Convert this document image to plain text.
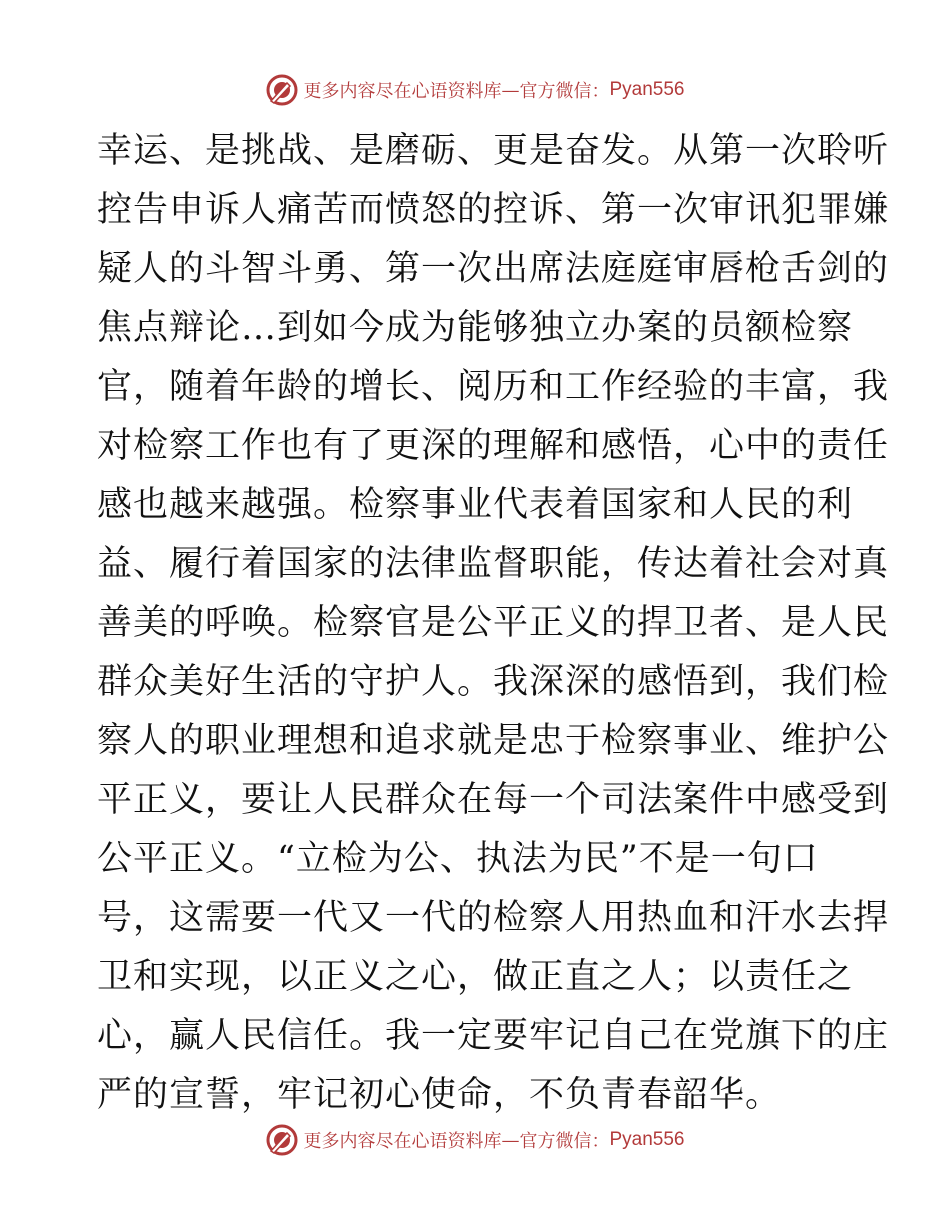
更多内容尽在心语资料库 — 官方微信： Pyan556
幸运、是挑战、是磨砺、更是奋发。从第一次聆听
控告申诉人痛苦而愤怒的控诉、第一次审讯犯罪嫌
疑人的斗智斗勇、第一次出席法庭庭审唇枪舌剑的
焦点辩论…到如今成为能够独立办案的员额检察
官，随着年龄的增长、阅历和工作经验的丰富，我
对检察工作也有了更深的理解和感悟，心中的责任
感也越来越强。检察事业代表着国家和人民的利
益、履行着国家的法律监督职能，传达着社会对真
善美的呼唤。检察官是公平正义的捍卫者、是人民
群众美好生活的守护人。我深深的感悟到，我们检
察人的职业理想和追求就是忠于检察事业、维护公
平正义，要让人民群众在每一个司法案件中感受到
公平正义。“立检为公、执法为民”不是一句口
号，这需要一代又一代的检察人用热血和汗水去捍
卫和实现，以正义之心，做正直之人；以责任之
心，赢人民信任。我一定要牢记自己在党旗下的庄
严的宣誓，牢记初心使命，不负青春韶华。
更多内容尽在心语资料库 — 官方微信： Pyan556
